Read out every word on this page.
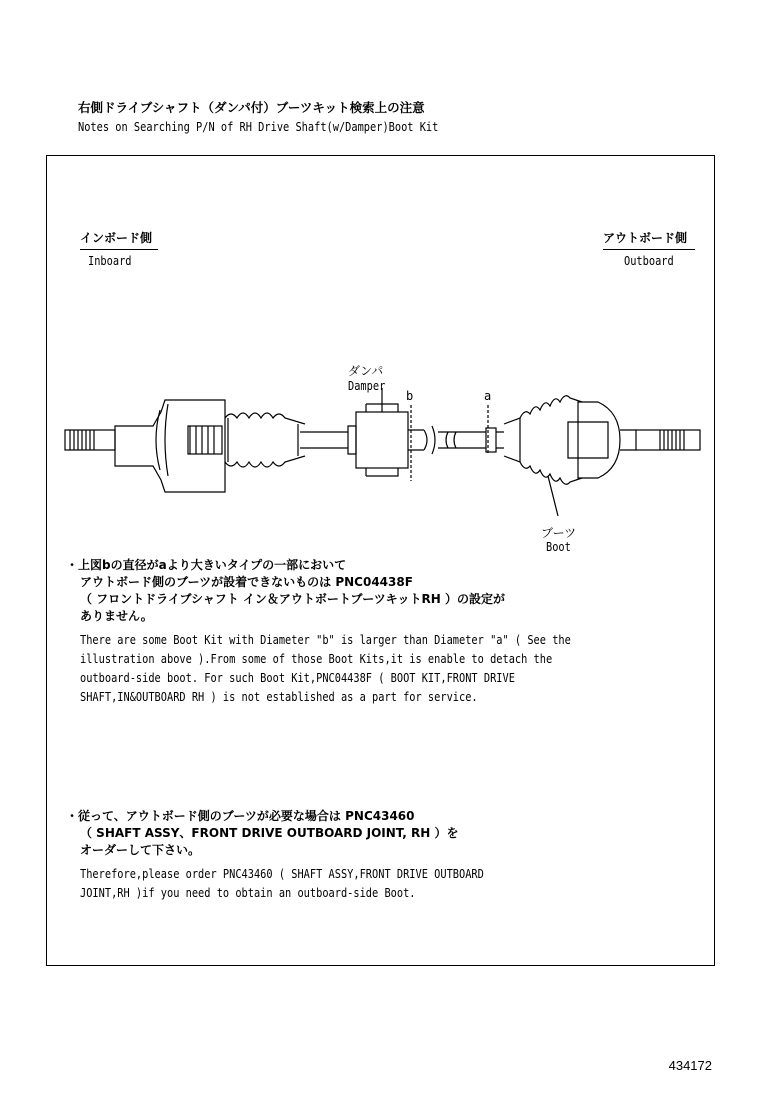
右側ドライブシャフト（ダンパ付）ブーツキット検索上の注意
Notes on Searching P/N of RH Drive Shaft(w/Damper)Boot Kit
インボード側
Inboard
アウトボード側
Outboard
ダンパ
Damper
b	a
ブーツ
Boot
・上図bの直径がaより大きいタイプの一部において
アウトボード側のブーツが設着できないものは PNC04438F
（ フロントドライブシャフト イン＆アウトボートブーツキットRH ）の設定が
ありません。
There are some Boot Kit with Diameter "b" is larger than Diameter "a" ( See the
illustration above ).From some of those Boot Kits,it is enable to detach the
outboard-side boot. For such Boot Kit,PNC04438F ( BOOT KIT,FRONT DRIVE
SHAFT,IN&OUTBOARD RH ) is not established as a part for service.
・従って、アウトボード側のブーツが必要な場合は PNC43460
（ SHAFT ASSY、FRONT DRIVE OUTBOARD JOINT, RH ）を
オーダーして下さい。
Therefore,please order PNC43460 ( SHAFT ASSY,FRONT DRIVE OUTBOARD
JOINT,RH )if you need to obtain an outboard-side Boot.
434172
